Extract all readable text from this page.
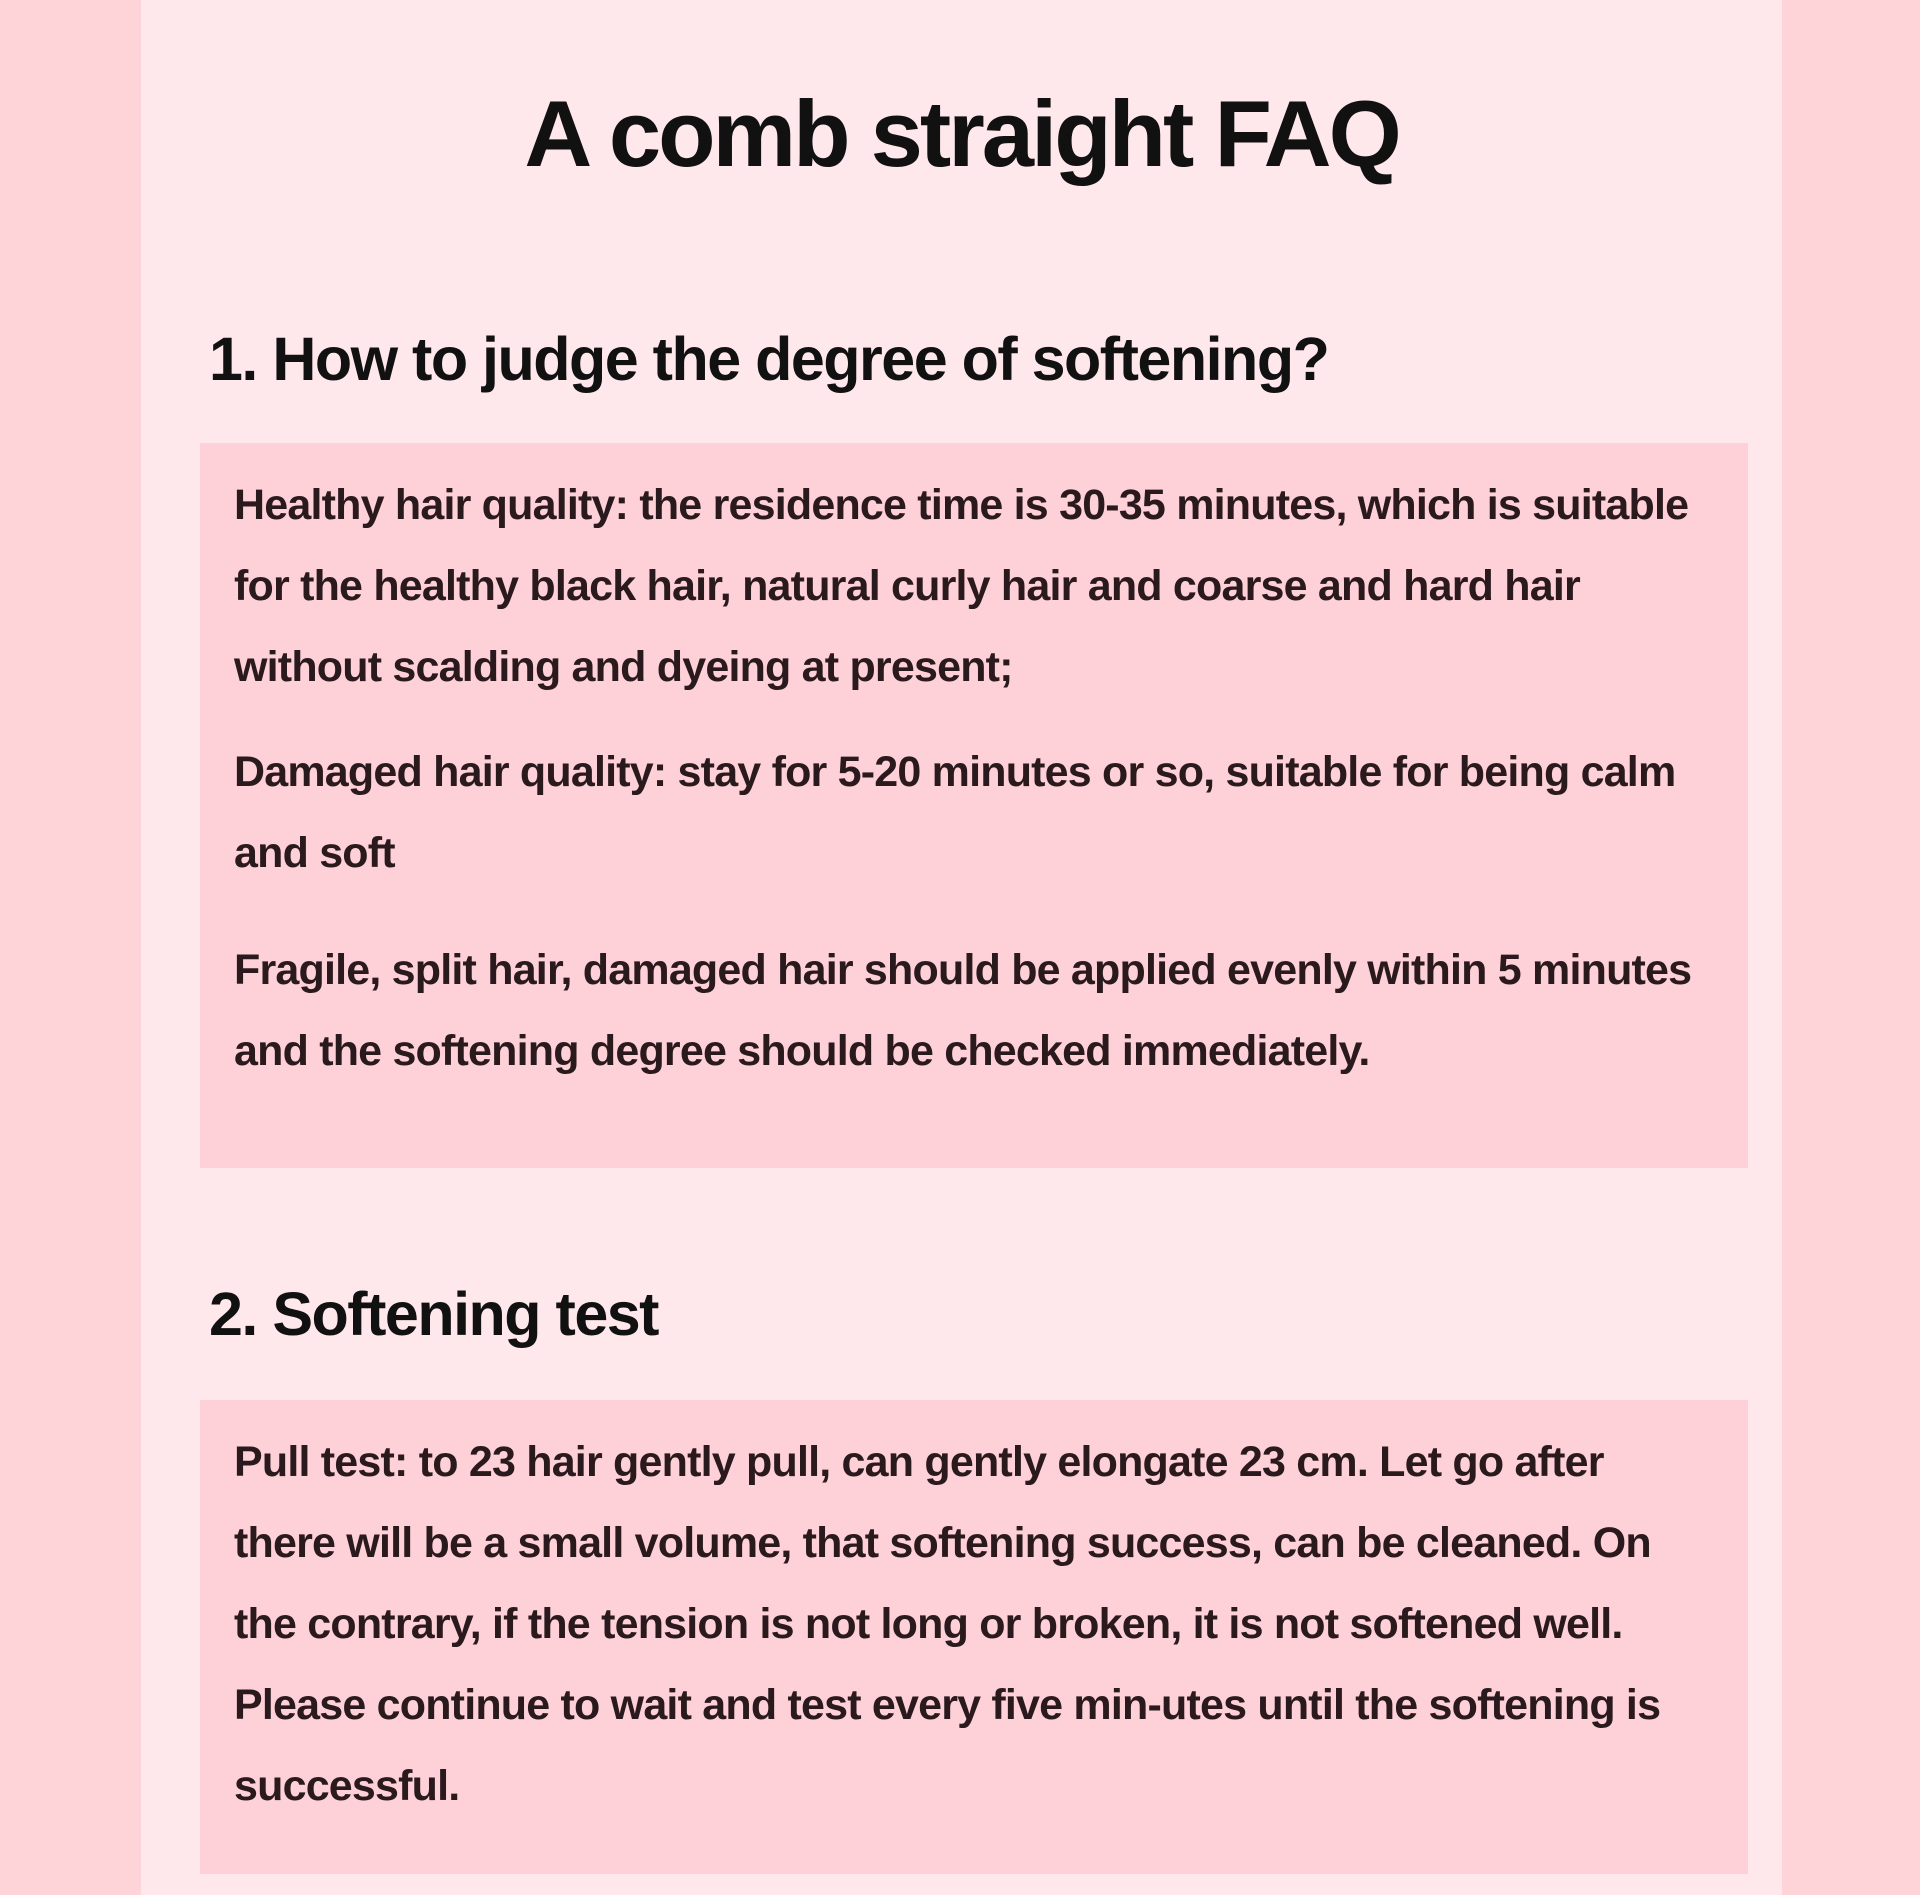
A comb straight FAQ
1. How to judge the degree of softening?

Healthy hair quality: the residence time is 30-35 minutes, which is suitable for the healthy black hair, natural curly hair and coarse and hard hair without scalding and dyeing at present;

Damaged hair quality: stay for 5-20 minutes or so, suitable for being calm and soft

Fragile, split hair, damaged hair should be applied evenly within 5 minutes and the softening degree should be checked immediately.

2. Softening test

Pull test: to 23 hair gently pull, can gently elongate 23 cm. Let go after there will be a small volume, that softening success, can be cleaned. On the contrary, if the tension is not long or broken, it is not softened well. Please continue to wait and test every five min-utes until the softening is successful.
